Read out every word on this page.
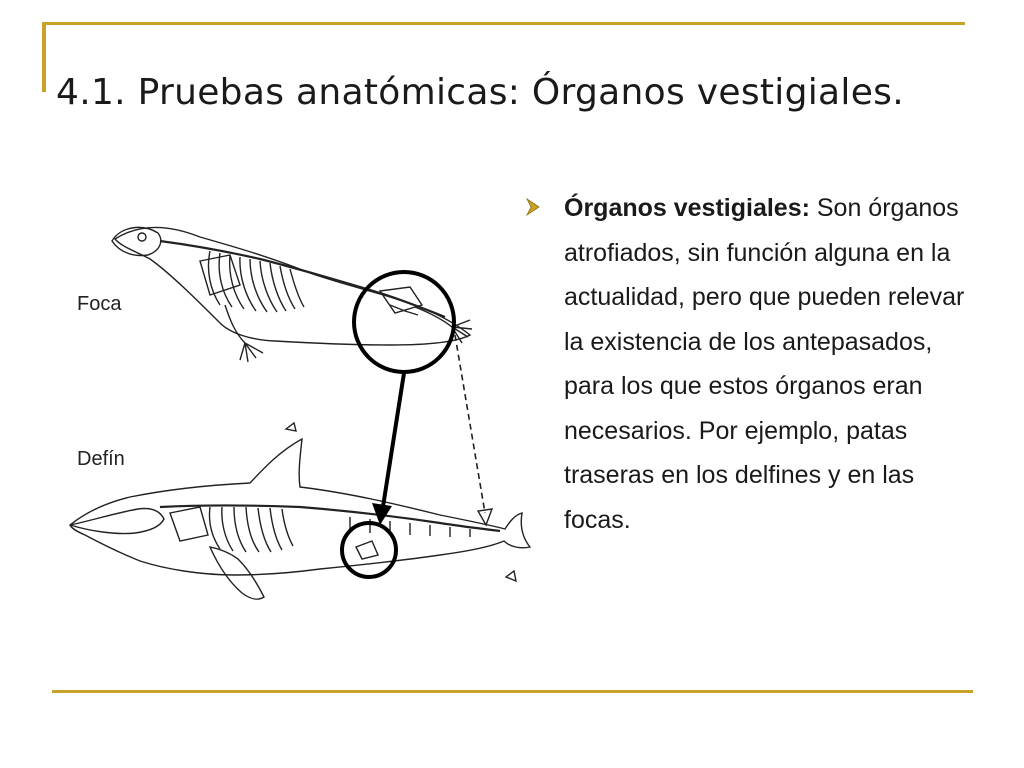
4.1. Pruebas anatómicas: Órganos vestigiales.
Foca
Defín
Órganos vestigiales: Son órganos atrofiados, sin función alguna en la actualidad, pero que pueden relevar la existencia de los antepasados, para los que estos órganos eran necesarios. Por ejemplo, patas traseras en los delfines y en las focas.
